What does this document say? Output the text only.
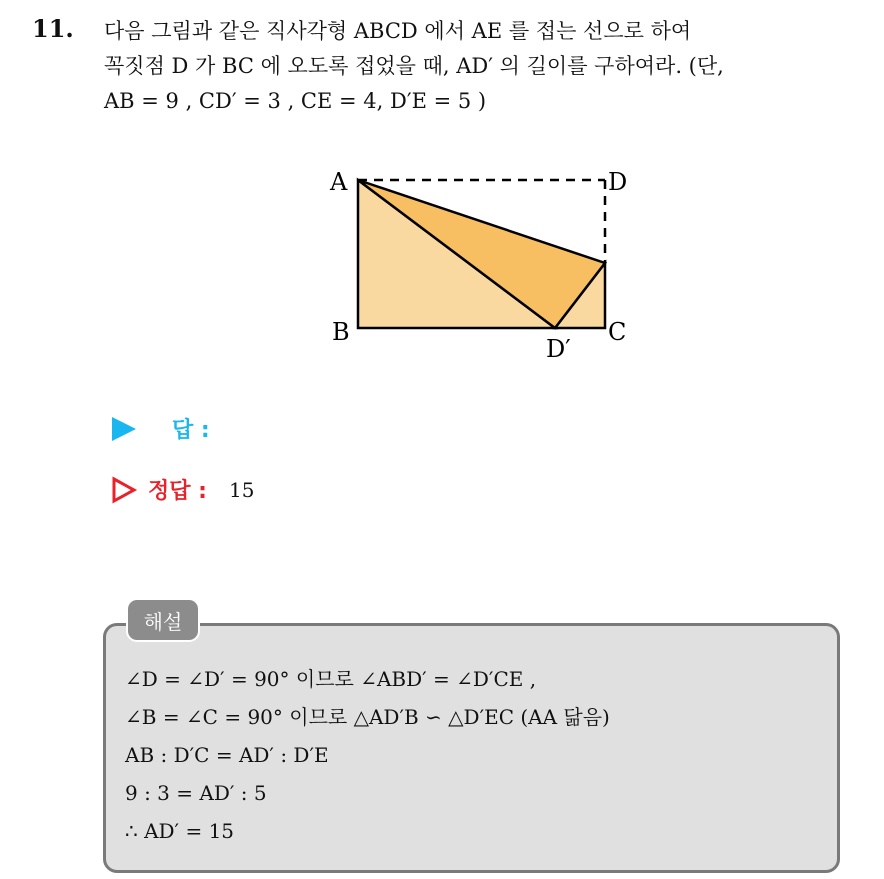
11. 다음 그림과 같은 직사각형 ABCD 에서 AE 를 접는 선으로 하여
꼭짓점 D 가 BC 에 오도록 접었을 때, AD′ 의 길이를 구하여라. (단,
AB = 9 , CD′ = 3 , CE = 4, D′E = 5 )
A	D
B	C
D′
답 :
정답 : 15
해설
∠D = ∠D′ = 90° 이므로 ∠ABD′ = ∠D′CE ,
∠B = ∠C = 90° 이므로 △AD′B ∽ △D′EC (AA 닮음)
AB : D′C = AD′ : D′E
9 : 3 = AD′ : 5
∴ AD′ = 15
